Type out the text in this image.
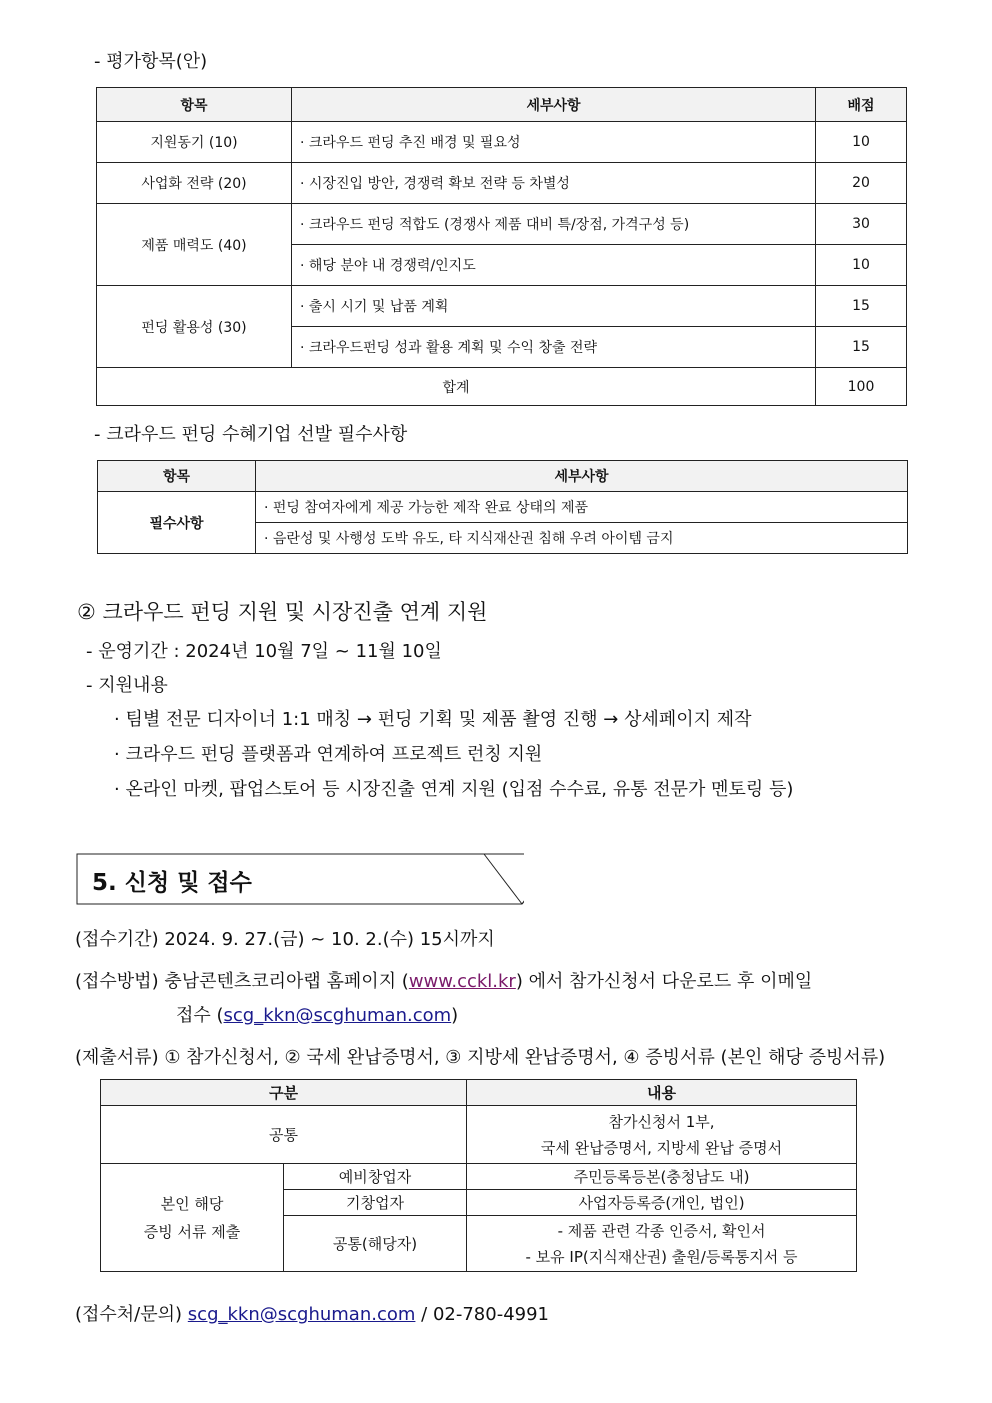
- 평가항목(안)
항목	세부사항	배점
지원동기 (10)	· 크라우드 펀딩 추진 배경 및 필요성	10
사업화 전략 (20)	· 시장진입 방안, 경쟁력 확보 전략 등 차별성	20
제품 매력도 (40)	· 크라우드 펀딩 적합도 (경쟁사 제품 대비 특/장점, 가격구성 등)	30
	· 해당 분야 내 경쟁력/인지도	10
펀딩 활용성 (30)	· 출시 시기 및 납품 계획	15
	· 크라우드펀딩 성과 활용 계획 및 수익 창출 전략	15
합계		100
- 크라우드 펀딩 수혜기업 선발 필수사항
항목	세부사항
필수사항	· 펀딩 참여자에게 제공 가능한 제작 완료 상태의 제품
	· 음란성 및 사행성 도박 유도, 타 지식재산권 침해 우려 아이템 금지
② 크라우드 펀딩 지원 및 시장진출 연계 지원
- 운영기간 : 2024년 10월 7일 ~ 11월 10일
- 지원내용
· 팀별 전문 디자이너 1:1 매칭 → 펀딩 기획 및 제품 촬영 진행 → 상세페이지 제작
· 크라우드 펀딩 플랫폼과 연계하여 프로젝트 런칭 지원
· 온라인 마켓, 팝업스토어 등 시장진출 연계 지원 (입점 수수료, 유통 전문가 멘토링 등)
5. 신청 및 접수
(접수기간) 2024. 9. 27.(금) ~ 10. 2.(수) 15시까지
(접수방법) 충남콘텐츠코리아랩 홈페이지 (www.cckl.kr) 에서 참가신청서 다운로드 후 이메일
접수 (scg_kkn@scghuman.com)
(제출서류) ① 참가신청서, ② 국세 완납증명서, ③ 지방세 완납증명서, ④ 증빙서류 (본인 해당 증빙서류)
구분		내용
공통		참가신청서 1부,
국세 완납증명서, 지방세 완납 증명서

본인 해당
증빙 서류 제출	예비창업자	주민등록등본(충청남도 내)
	기창업자	사업자등록증(개인, 법인)
	공통(해당자)	- 제품 관련 각종 인증서, 확인서
- 보유 IP(지식재산권) 출원/등록통지서 등
(접수처/문의) scg_kkn@scghuman.com / 02-780-4991
